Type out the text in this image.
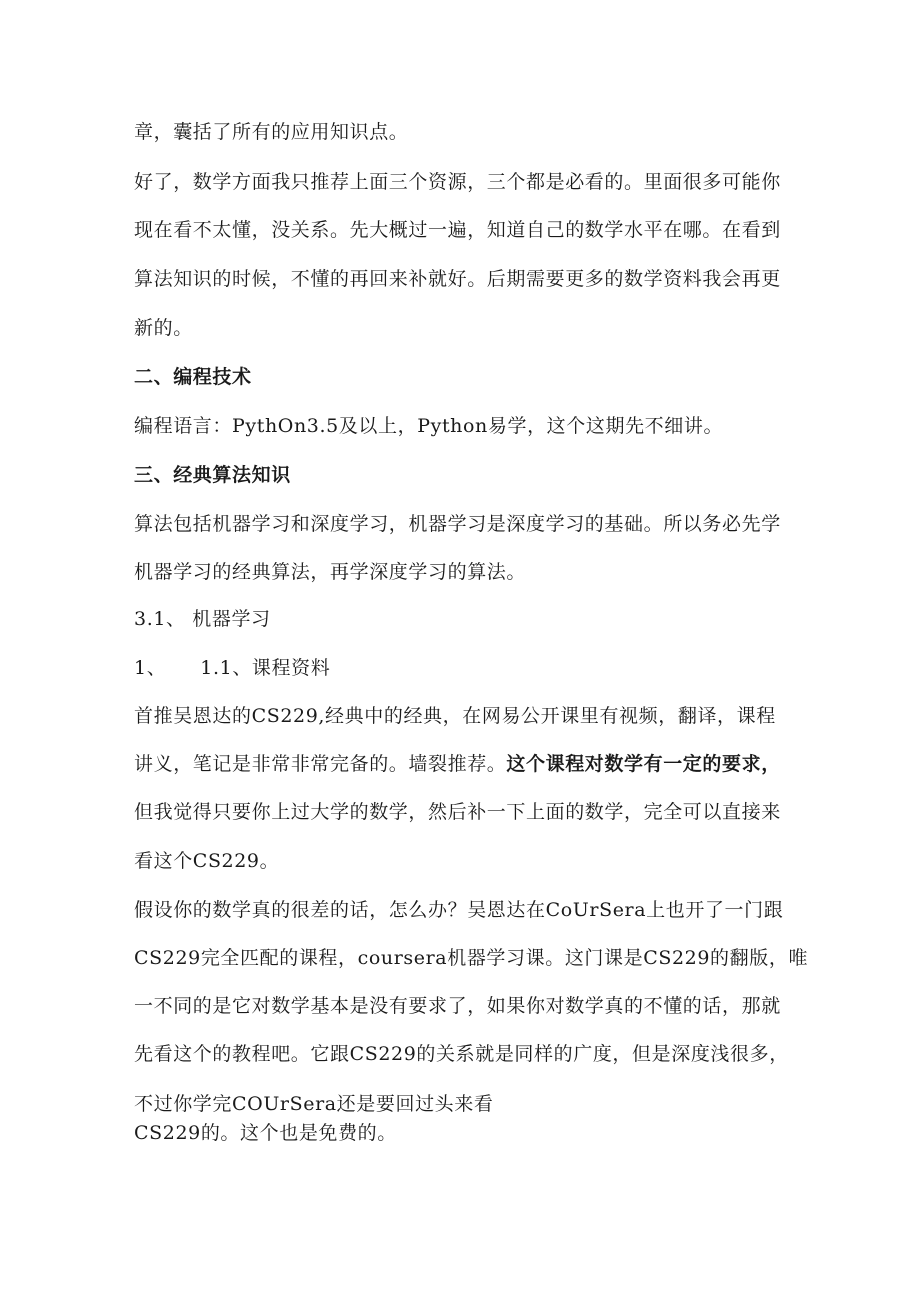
章，囊括了所有的应用知识点。
好了，数学方面我只推荐上面三个资源，三个都是必看的。里面很多可能你
现在看不太懂，没关系。先大概过一遍，知道自己的数学水平在哪。在看到
算法知识的时候，不懂的再回来补就好。后期需要更多的数学资料我会再更
新的。
二、编程技术
编程语言：PythOn3.5及以上，Python易学，这个这期先不细讲。
三、经典算法知识
算法包括机器学习和深度学习，机器学习是深度学习的基础。所以务必先学
机器学习的经典算法，再学深度学习的算法。
3.1、 机器学习
1、 1.1、课程资料
首推吴恩达的CS229,经典中的经典，在网易公开课里有视频，翻译，课程
讲义，笔记是非常非常完备的。墙裂推荐。这个课程对数学有一定的要求，
但我觉得只要你上过大学的数学，然后补一下上面的数学，完全可以直接来
看这个CS229。
假设你的数学真的很差的话，怎么办？吴恩达在CoUrSera上也开了一门跟
CS229完全匹配的课程，coursera机器学习课。这门课是CS229的翻版，唯
一不同的是它对数学基本是没有要求了，如果你对数学真的不懂的话，那就
先看这个的教程吧。它跟CS229的关系就是同样的广度，但是深度浅很多，
不过你学完COUrSera还是要回过头来看
CS229的。这个也是免费的。
